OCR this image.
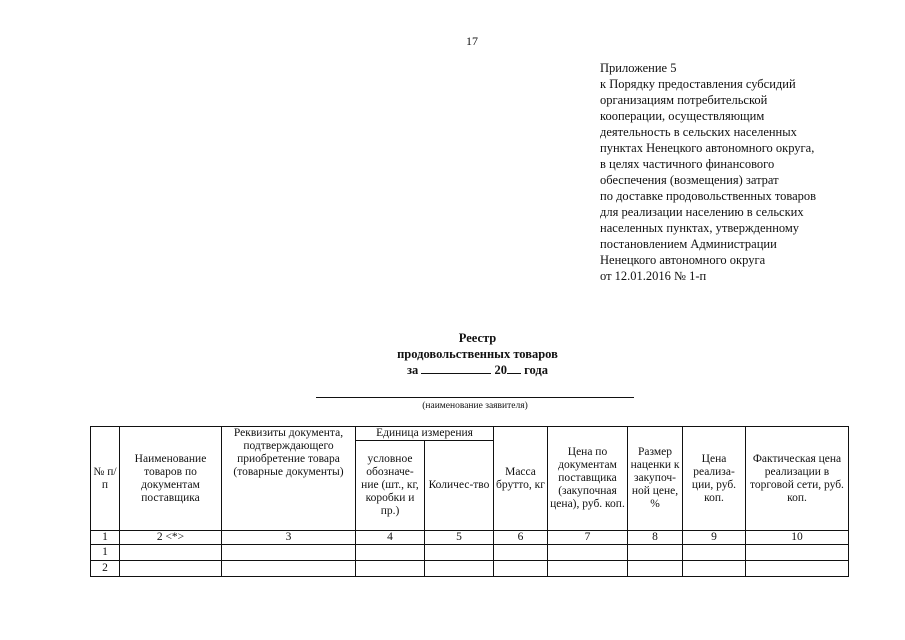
17
Приложение 5
к Порядку предоставления субсидий
организациям потребительской
кооперации, осуществляющим
деятельность в сельских населенных
пунктах Ненецкого автономного округа,
в целях частичного финансового
обеспечения (возмещения) затрат
по доставке продовольственных товаров
для реализации населению в сельских
населенных пунктах, утвержденному
постановлением Администрации
Ненецкого автономного округа
от 12.01.2016 № 1-п
Реестр
продовольственных товаров
за	20 года
(наименование заявителя)
№ п/п	Наименование товаров по документам поставщика	Реквизиты документа, подтверждающего приобретение товара (товарные документы)	Единица измерения		Масса брутто, кг	Цена по документам поставщика (закупочная цена), руб. коп.	Размер наценки к закупоч-ной цене, %	Цена реализа-ции, руб. коп.	Фактическая цена реализации в торговой сети, руб. коп.
			условное обозначе-ние (шт., кг, коробки и пр.)	Количес-тво					
1	2 <*>	3	4	5	6	7	8	9	10
1									
2									
